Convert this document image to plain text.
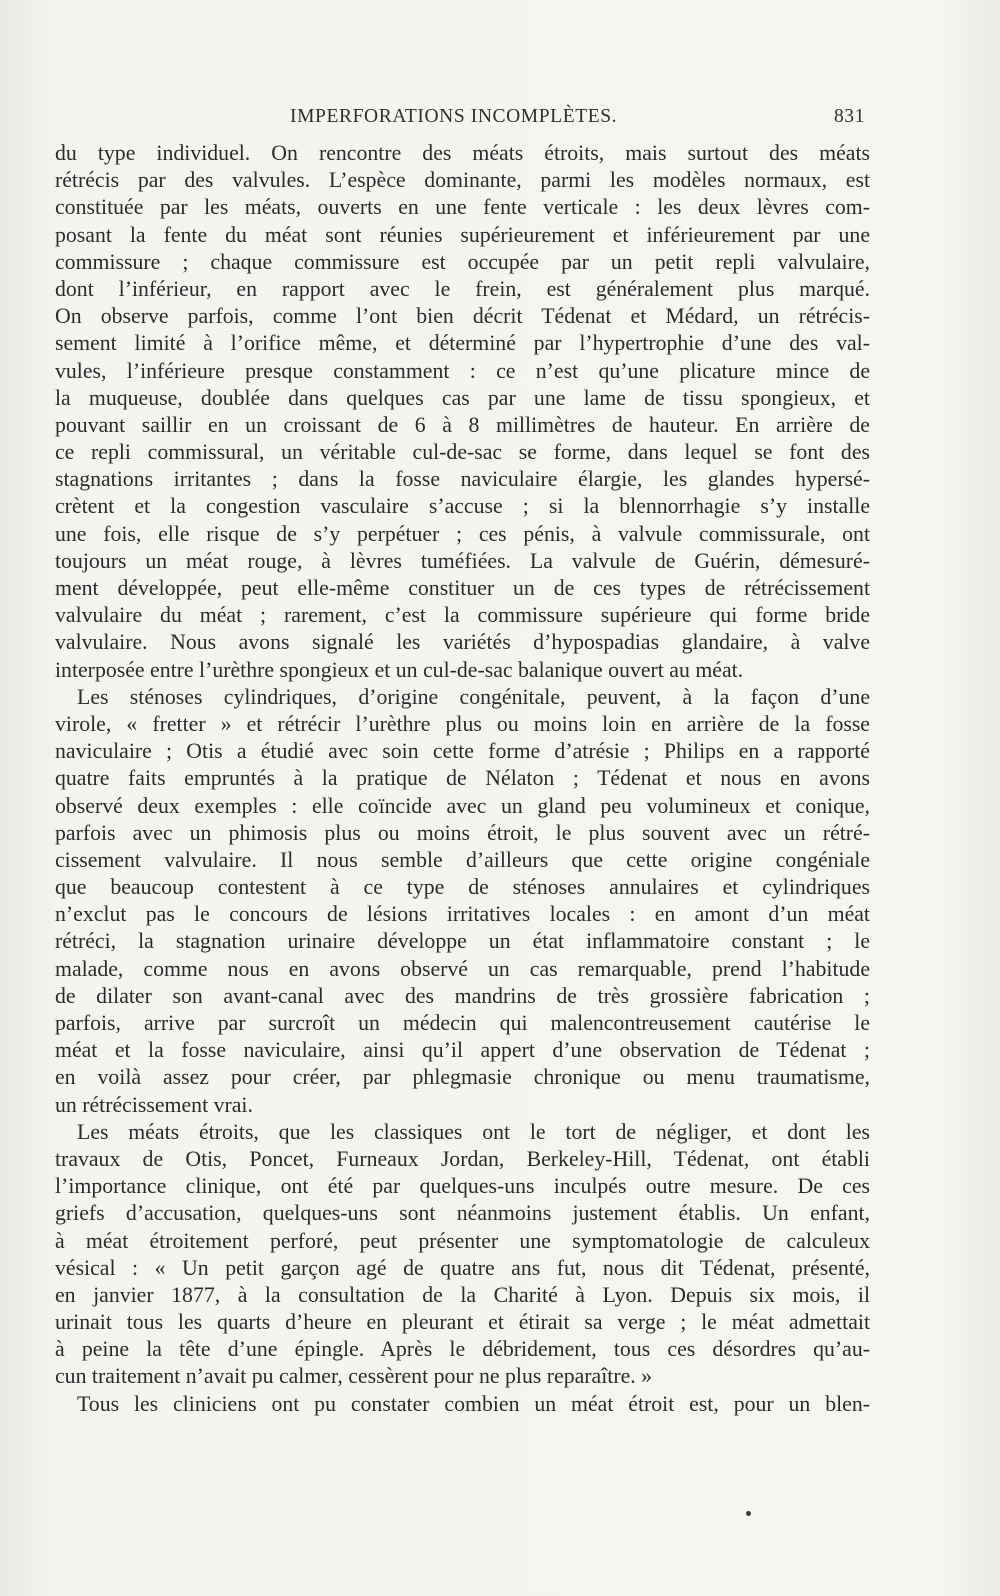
IMPERFORATIONS INCOMPLÈTES.	831
du type individuel. On rencontre des méats étroits, mais surtout des méats
rétrécis par des valvules. L’espèce dominante, parmi les modèles normaux, est
constituée par les méats, ouverts en une fente verticale : les deux lèvres com-
posant la fente du méat sont réunies supérieurement et inférieurement par une
commissure ; chaque commissure est occupée par un petit repli valvulaire,
dont l’inférieur, en rapport avec le frein, est généralement plus marqué.
On observe parfois, comme l’ont bien décrit Tédenat et Médard, un rétrécis-
sement limité à l’orifice même, et déterminé par l’hypertrophie d’une des val-
vules, l’inférieure presque constamment : ce n’est qu’une plicature mince de
la muqueuse, doublée dans quelques cas par une lame de tissu spongieux, et
pouvant saillir en un croissant de 6 à 8 millimètres de hauteur. En arrière de
ce repli commissural, un véritable cul-de-sac se forme, dans lequel se font des
stagnations irritantes ; dans la fosse naviculaire élargie, les glandes hypersé-
crètent et la congestion vasculaire s’accuse ; si la blennorrhagie s’y installe
une fois, elle risque de s’y perpétuer ; ces pénis, à valvule commissurale, ont
toujours un méat rouge, à lèvres tuméfiées. La valvule de Guérin, démesuré-
ment développée, peut elle-même constituer un de ces types de rétrécissement
valvulaire du méat ; rarement, c’est la commissure supérieure qui forme bride
valvulaire. Nous avons signalé les variétés d’hypospadias glandaire, à valve
interposée entre l’urèthre spongieux et un cul-de-sac balanique ouvert au méat.
Les sténoses cylindriques, d’origine congénitale, peuvent, à la façon d’une
virole, « fretter » et rétrécir l’urèthre plus ou moins loin en arrière de la fosse
naviculaire ; Otis a étudié avec soin cette forme d’atrésie ; Philips en a rapporté
quatre faits empruntés à la pratique de Nélaton ; Tédenat et nous en avons
observé deux exemples : elle coïncide avec un gland peu volumineux et conique,
parfois avec un phimosis plus ou moins étroit, le plus souvent avec un rétré-
cissement valvulaire. Il nous semble d’ailleurs que cette origine congéniale
que beaucoup contestent à ce type de sténoses annulaires et cylindriques
n’exclut pas le concours de lésions irritatives locales : en amont d’un méat
rétréci, la stagnation urinaire développe un état inflammatoire constant ; le
malade, comme nous en avons observé un cas remarquable, prend l’habitude
de dilater son avant-canal avec des mandrins de très grossière fabrication ;
parfois, arrive par surcroît un médecin qui malencontreusement cautérise le
méat et la fosse naviculaire, ainsi qu’il appert d’une observation de Tédenat ;
en voilà assez pour créer, par phlegmasie chronique ou menu traumatisme,
un rétrécissement vrai.
Les méats étroits, que les classiques ont le tort de négliger, et dont les
travaux de Otis, Poncet, Furneaux Jordan, Berkeley-Hill, Tédenat, ont établi
l’importance clinique, ont été par quelques-uns inculpés outre mesure. De ces
griefs d’accusation, quelques-uns sont néanmoins justement établis. Un enfant,
à méat étroitement perforé, peut présenter une symptomatologie de calculeux
vésical : « Un petit garçon agé de quatre ans fut, nous dit Tédenat, présenté,
en janvier 1877, à la consultation de la Charité à Lyon. Depuis six mois, il
urinait tous les quarts d’heure en pleurant et étirait sa verge ; le méat admettait
à peine la tête d’une épingle. Après le débridement, tous ces désordres qu’au-
cun traitement n’avait pu calmer, cessèrent pour ne plus reparaître. »
Tous les cliniciens ont pu constater combien un méat étroit est, pour un blen-
